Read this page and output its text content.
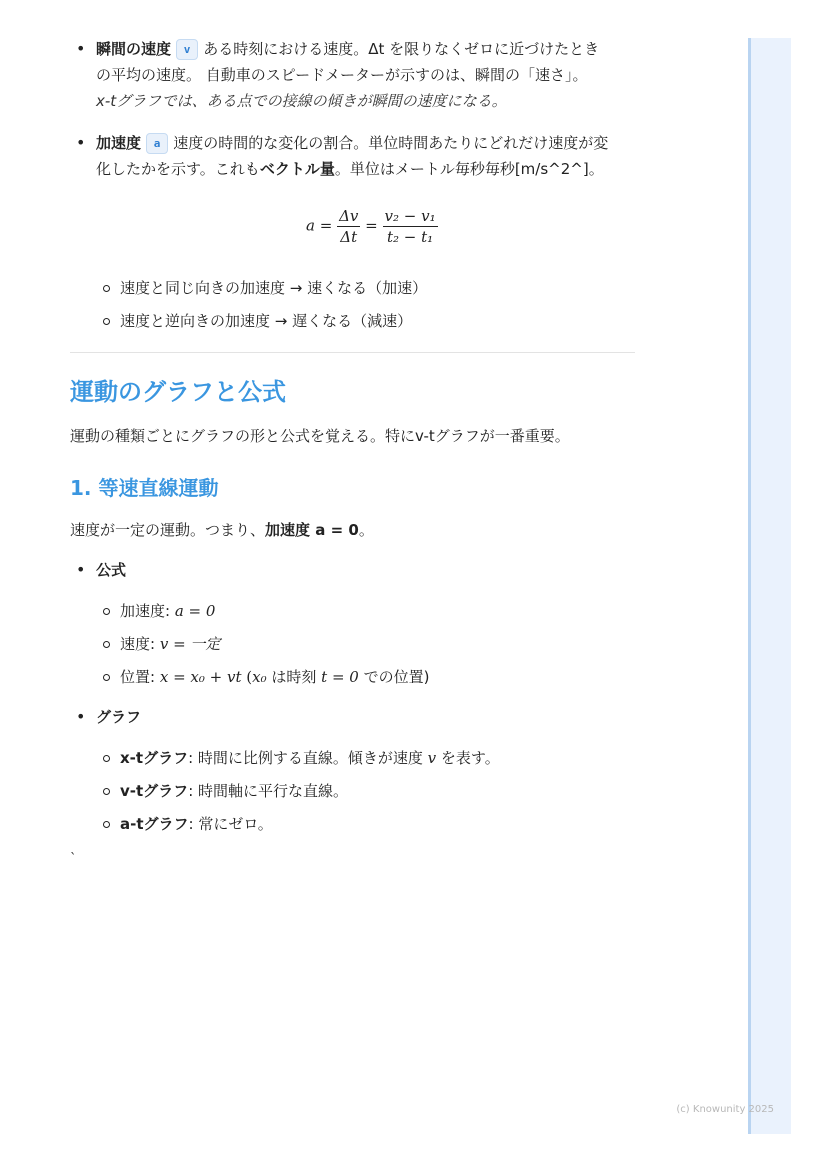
• 瞬間の速度 v ある時刻における速度。Δt を限りなくゼロに近づけたとき
の平均の速度。 自動車のスピードメーターが示すのは、瞬間の「速さ」。
x-tグラフでは、ある点での接線の傾きが瞬間の速度になる。
• 加速度 a 速度の時間的な変化の割合。単位時間あたりにどれだけ速度が変
化したかを示す。これもベクトル量。単位はメートル毎秒毎秒[m/s^2^]。
$a = \frac{\Delta v}{\Delta t} = \frac{\text{v₂ − v₁}}{\text{t₂ − t₁}}$
速度と同じ向きの加速度 → 速くなる（加速）
速度と逆向きの加速度 → 遅くなる（減速）
運動のグラフと公式

運動の種類ごとにグラフの形と公式を覚える。特にv-tグラフが一番重要。

1. 等速直線運動

速度が一定の運動。つまり、加速度 a = 0。

• 公式
加速度: a = 0
速度: v = 一定
位置: x = x₀ + vt (x₀ は時刻 t = 0 での位置)
• グラフ
x-tグラフ: 時間に比例する直線。傾きが速度 v を表す。
v-tグラフ: 時間軸に平行な直線。
a-tグラフ: 常にゼロ。

`

(c) Knowunity 2025
